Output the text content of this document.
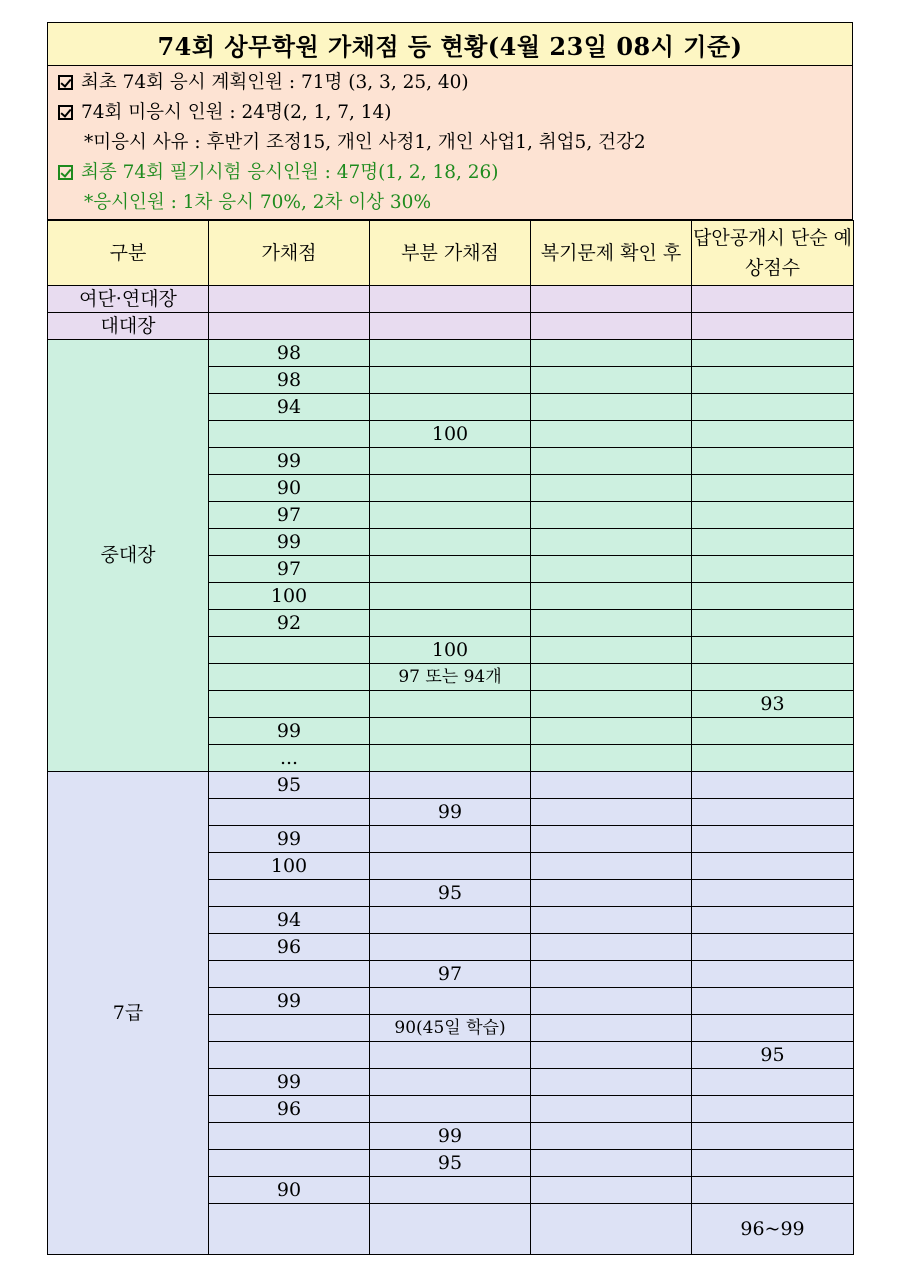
74회 상무학원 가채점 등 현황(4월 23일 08시 기준)
최초 74회 응시 계획인원 : 71명 (3, 3, 25, 40)
74회 미응시 인원 : 24명(2, 1, 7, 14)
*미응시 사유 : 후반기 조정15, 개인 사정1, 개인 사업1, 취업5, 건강2
최종 74회 필기시험 응시인원 : 47명(1, 2, 18, 26)
*응시인원 : 1차 응시 70%, 2차 이상 30%
구분	가채점	부분 가채점	복기문제 확인 후	답안공개시 단순 예상점수
여단·연대장				
대대장				
중대장	98			
	98			
	94			
		100		
	99			
	90			
	97			
	99			
	97			
	100			
	92			
		100		
		97 또는 94개		
				93
	99			
	...			
7급	95			
		99		
	99			
	100			
		95		
	94			
	96			
		97		
	99			
		90(45일 학습)		
				95
	99			
	96			
		99		
		95		
	90			
				96~99
